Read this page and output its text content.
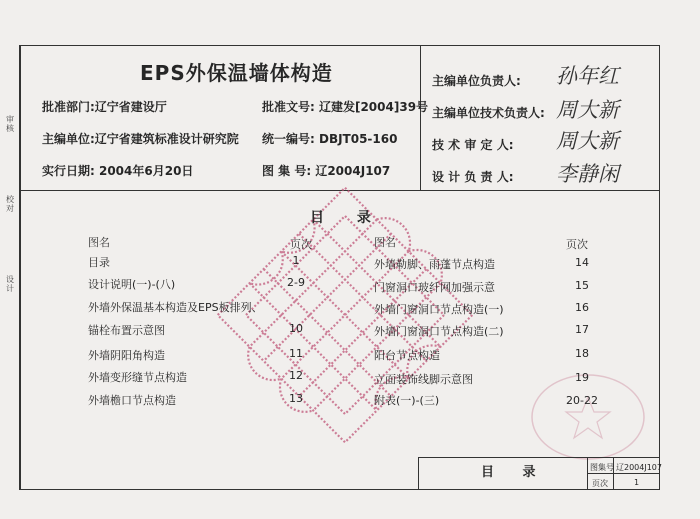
审核
校对
设计
EPS外保温墙体构造
批准部门:辽宁省建设厅	批准文号: 辽建发[2004]39号
主编单位:辽宁省建筑标准设计研究院 统一编号: DBJT05-160
实行日期: 2004年6月20日	图 集 号: 辽2004J107
主编单位负责人: 孙年红
主编单位技术负责人: 周大新
技 术 审 定 人: 周大新
设 计 负 责 人: 李静闲
目 录
图名	页次	图名	页次
目录	1
设计说明(一)-(八)	2-9
外墙外保温基本构造及EPS板排列、
锚栓布置示意图	10
外墙阴阳角构造	11
外墙变形缝节点构造	12
外墙檐口节点构造	13
外墙勒脚、雨蓬节点构造	14
门窗洞口玻纤网加强示意	15
外墙门窗洞口节点构造(一)	16
外墙门窗洞口节点构造(二)	17
阳台节点构造	18
立面装饰线脚示意图	19
附表(一)-(三)	20-22
目 录	图集号 辽2004J107
页次	1
